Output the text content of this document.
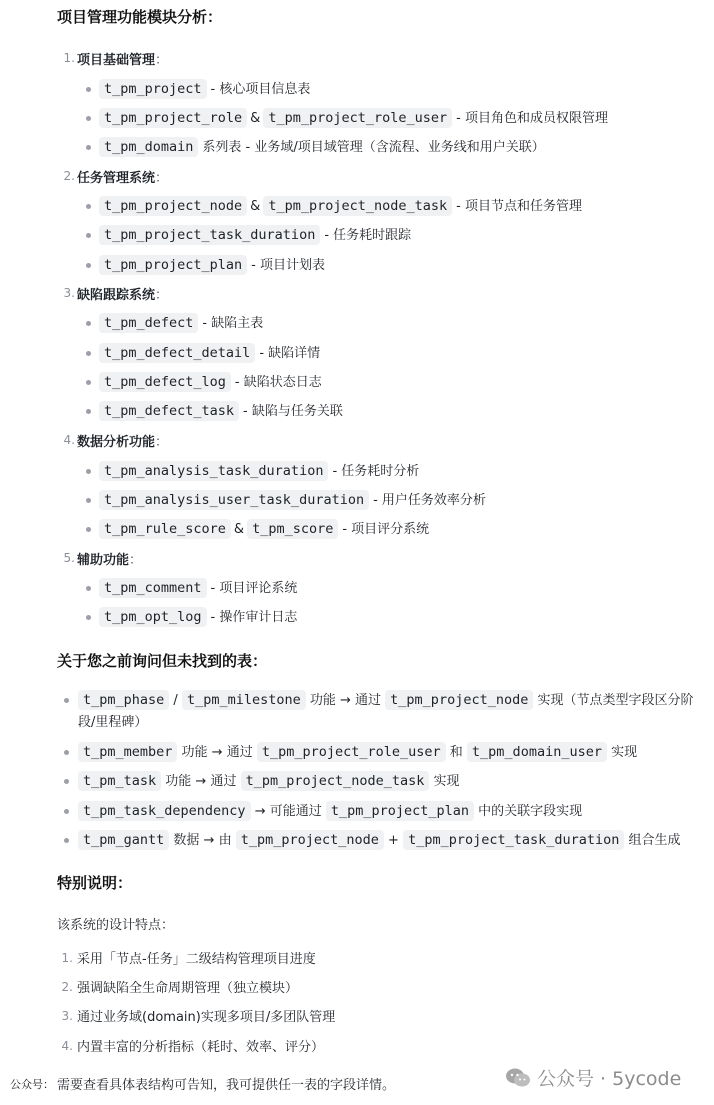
项目管理功能模块分析：
1. 项目基础管理：
t_pm_project - 核心项目信息表
t_pm_project_role & t_pm_project_role_user - 项目角色和成员权限管理
t_pm_domain 系列表 - 业务域/项目域管理（含流程、业务线和用户关联）
2. 任务管理系统：
t_pm_project_node & t_pm_project_node_task - 项目节点和任务管理
t_pm_project_task_duration - 任务耗时跟踪
t_pm_project_plan - 项目计划表
3. 缺陷跟踪系统：
t_pm_defect - 缺陷主表
t_pm_defect_detail - 缺陷详情
t_pm_defect_log - 缺陷状态日志
t_pm_defect_task - 缺陷与任务关联
4. 数据分析功能：
t_pm_analysis_task_duration - 任务耗时分析
t_pm_analysis_user_task_duration - 用户任务效率分析
t_pm_rule_score & t_pm_score - 项目评分系统
5. 辅助功能：
t_pm_comment - 项目评论系统
t_pm_opt_log - 操作审计日志
关于您之前询问但未找到的表：
t_pm_phase / t_pm_milestone 功能 → 通过 t_pm_project_node 实现（节点类型字段区分阶
段/里程碑）
t_pm_member 功能 → 通过 t_pm_project_role_user 和 t_pm_domain_user 实现
t_pm_task 功能 → 通过 t_pm_project_node_task 实现
t_pm_task_dependency → 可能通过 t_pm_project_plan 中的关联字段实现
t_pm_gantt 数据 → 由 t_pm_project_node + t_pm_project_task_duration 组合生成
特别说明：
该系统的设计特点：
1. 采用「节点-任务」二级结构管理项目进度
2. 强调缺陷全生命周期管理（独立模块）
3. 通过业务域(domain)实现多项目/多团队管理
4. 内置丰富的分析指标（耗时、效率、评分）
公众号： 需要查看具体表结构可告知，我可提供任一表的字段详情。	公众号 · 5ycode
